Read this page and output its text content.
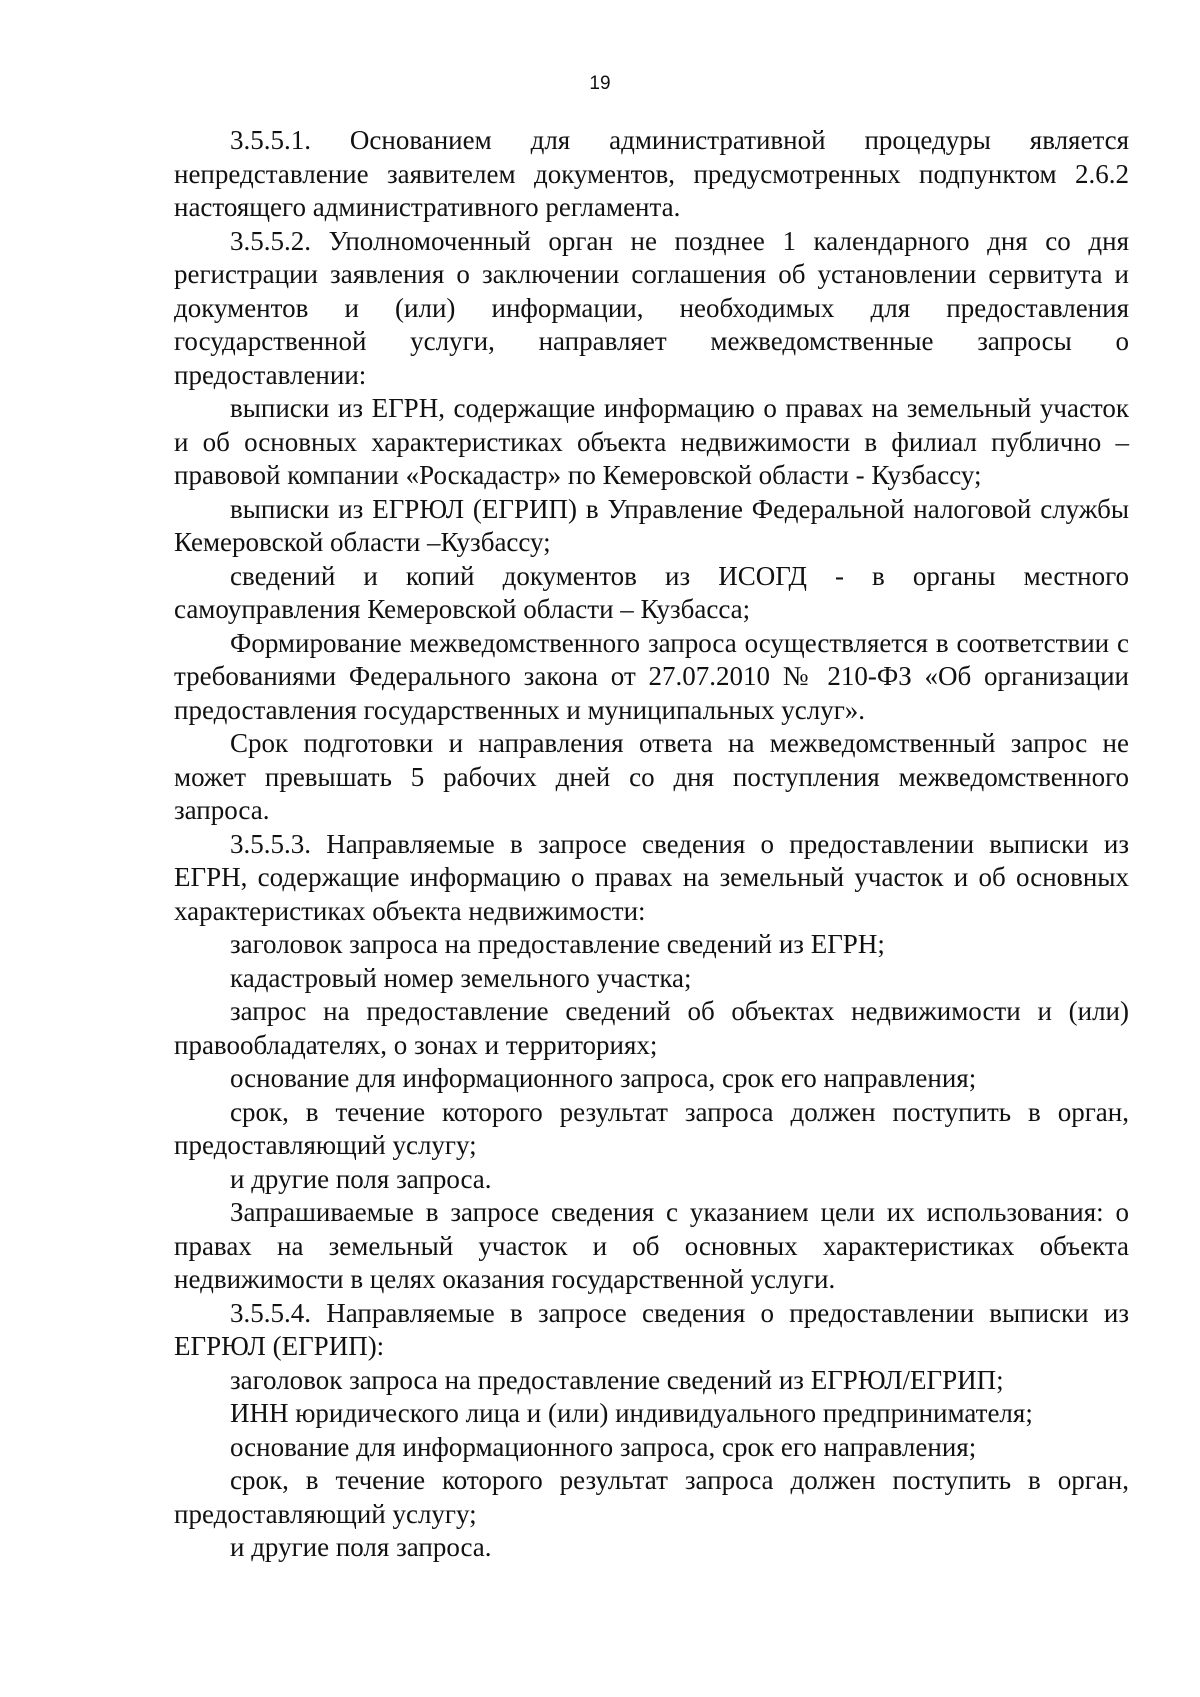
19

3.5.5.1. Основанием для административной процедуры является непредставление заявителем документов, предусмотренных подпунктом 2.6.2 настоящего административного регламента.

3.5.5.2. Уполномоченный орган не позднее 1 календарного дня со дня регистрации заявления о заключении соглашения об установлении сервитута и документов и (или) информации, необходимых для предоставления государственной услуги, направляет межведомственные запросы о предоставлении:

выписки из ЕГРН, содержащие информацию о правах на земельный участок и об основных характеристиках объекта недвижимости в филиал публично – правовой компании «Роскадастр» по Кемеровской области - Кузбассу;

выписки из ЕГРЮЛ (ЕГРИП) в Управление Федеральной налоговой службы Кемеровской области –Кузбассу;

сведений и копий документов из ИСОГД - в органы местного самоуправления Кемеровской области – Кузбасса;

Формирование межведомственного запроса осуществляется в соответствии с требованиями Федерального закона от 27.07.2010 № 210-ФЗ «Об организации предоставления государственных и муниципальных услуг».

Срок подготовки и направления ответа на межведомственный запрос не может превышать 5 рабочих дней со дня поступления межведомственного запроса.

3.5.5.3. Направляемые в запросе сведения о предоставлении выписки из ЕГРН, содержащие информацию о правах на земельный участок и об основных характеристиках объекта недвижимости:

заголовок запроса на предоставление сведений из ЕГРН;

кадастровый номер земельного участка;

запрос на предоставление сведений об объектах недвижимости и (или) правообладателях, о зонах и территориях;

основание для информационного запроса, срок его направления;

срок, в течение которого результат запроса должен поступить в орган, предоставляющий услугу;

и другие поля запроса.

Запрашиваемые в запросе сведения с указанием цели их использования: о правах на земельный участок и об основных характеристиках объекта недвижимости в целях оказания государственной услуги.

3.5.5.4. Направляемые в запросе сведения о предоставлении выписки из ЕГРЮЛ (ЕГРИП):

заголовок запроса на предоставление сведений из ЕГРЮЛ/ЕГРИП;

ИНН юридического лица и (или) индивидуального предпринимателя;

основание для информационного запроса, срок его направления;

срок, в течение которого результат запроса должен поступить в орган, предоставляющий услугу;

и другие поля запроса.
